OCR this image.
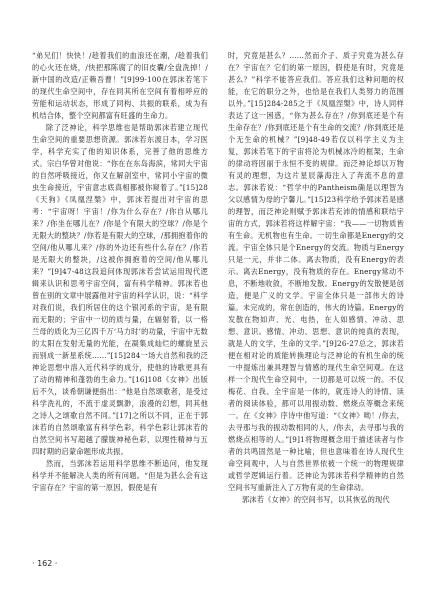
“弟兄们！快快！/趁着我们的血浪还在潮，/趁着我们的心火还在烧，/快把那陈腐了的旧皮囊/全盘洗掉！/新中国的改造/正赖吾曹！”[9]99-100在郭沫若笔下的现代生命空间中，存在同其所在空间有着相呼应的劳能和运动状态，形成了同构、共振的联系，成为有机结合体，整个空间都富有旺盛的生命力。

除了泛神论，科学思维也是帮助郭沫若建立现代生命空间的重要思想资源。郭沫若东渡日本，学习医学，科学充实了他的知识体系，完善了他的思维方式。宗白华曾对他说：“你在在东岛海滨，常同大宇宙的自然呼吸接近，你又在解剖室中，常同小宇宙的微虫生命接近，宇宙意志底真相都被你窥着了。”[15]28《天狗》《凤凰涅槃》中，郭沫若提出对宇宙的思考：“宇宙呀！宇宙！/你为什么存在？/你自从哪儿来？/你坐在哪儿在？/你是个有限大的空球？/你是个无限大的整块？/你若是有限大的空球，/那拥抱着你的空间/他从哪儿来？/你的外边还有些什么存在？/你若是无限大的整块，/这被你拥抱着的空间/他从哪儿来？”[9]47-48这段追问体现郭沫若尝试运用现代逻辑来认识和思考宇宙空间，富有科学精神。郭沫若也曾在别的文章中展露他对宇宙的科学认识，说：“科学对我们说，我们所居住的这个银河系的宇宙，是有限而无限的；宇宙中一切的质与量，在辐射着，以一格兰母的质化为三亿四千万‘马力时’的功量，宇宙中无数的太阳在发射无量的光能，在凝集成灿烂的螺旋星云而别成一新星系统……”[15]284一场大自然和我的泛神论思想中溶入近代科学的成分，使他的诗歌更具有了动的精神和蓬勃的生命力。”[16]108《女神》出版后不久，谈希朝谦便指出：“他是自然颂歌者，是受过科学洗礼的，不流于虚灵飘渺，浪漫的幻想，同其他之诗人之颂歌自然不同。”[17]之所以不同，正在于郭沫若的自然颂歌富有科学色彩，科学色彩让郭沫若的自然空间书写超越了朦胧神秘色彩，以理性精神与五四时期的启蒙命题形成共振。

然而，当郭沫若运用科学思维不断追问，他发现科学并不能解决人类的所有问题。“但是为甚么会有这宇宙存在？宇宙的第一原因，假使是有

时，究竟是甚么？……然而介子、质子究竟为甚么存在？宇宙在？它们的第一原因，假使是有时，究竟是甚么？”科学不能答应我们。答应我们这种问题的权能，在它的职分之外，也恰是在我们人类努力的范围以外。”[15]284-285之于《凤凰涅槃》中，诗人同样表达了这一困惑，“你为甚么存在？/你到底还是个有生命存在？/你到底还是个有生命的交流？/你到底还是个无生命的机械？”[9]48-49若仅以科学主义为主复，郭沫若笔下的宇宙将沦为机械冰冷的框架，生命的律动将因丽于永恒不变的规律。而泛神论却以万物有灵的理想，为这片星辰藻海注入了奔流不息的意志。郭沫若说：“哲学中的Pantheism确是以理智为父以感情为母的宁馨儿。”[15]23科学给予郭沫若是感的理智，而泛神论则赋予郭沫若充沛的情感和联结宇宙的方式，郭沫若将这样解宇宙：“我——一切物质皆有生命。无机物也有生命。一切生命都是Energy的交流。宇宙全体只是个Energy的交流。物质与Energy只是一元，并非二体。离去物质，没有Energy的表示。离去Energy，没有物质的存在。Energy常动不息，不断地收敛，不断地发散。Energy的发散便是创造，便是广义的文学。宇宙全体只是一部伟大的诗篇。未完成的，常在创造的，伟大的诗篇。Energy的发散在物如声、光、电热，在人如感情、冲动、思想、意识。感情、冲动、思想、意识的纯真的表现，就是人的文学，生命的文学。”[9]26-27总之，郭沫若便在相对论的质能转换理论与泛神论的有机生命的统一中提炼出兼具理智与情感的现代生命空间观。在这样一个现代生命空间中，一切都是可以统一的。不仅梅花、自我、全宇宙是一体的，就连诗人的诗情、读者的阅读体验，都可以用振动数、燃烧点等概念来统一。在《女神》序诗中他写道：“《女神》呦！/你去，去寻那与我的振动数相同的人，/你去，去寻那与我的燃烧点相等的人。”[9]1将物理概念用于描述读者与作者的共鸣固然是一种比喻，但也意味着在诗人现代生命空间观中，人与自然世界依被一个统一的物理规律或哲学逻辑运行着。泛神论为郭沫若科学精神的自然空间书写重新注入了万物有灵的生命律动。

郭沫若《女神》的空间书写，以其恢弘的现代

· 162 ·
